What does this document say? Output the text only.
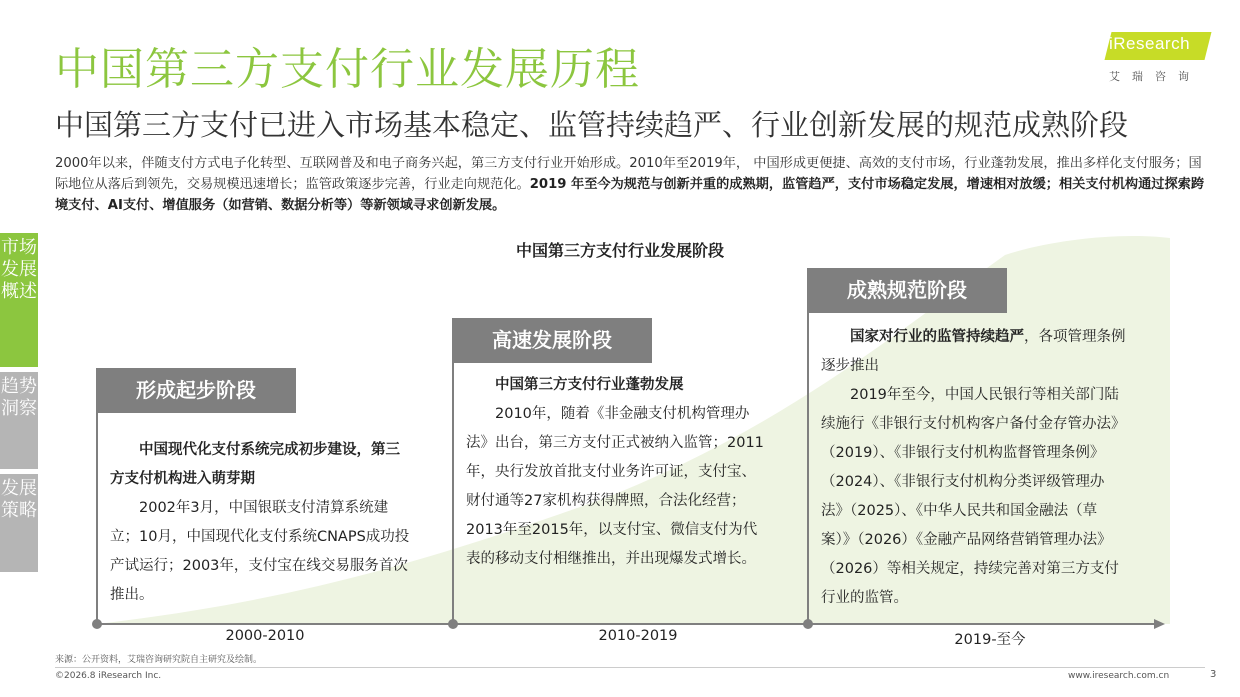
中国第三方支付行业发展历程
中国第三方支付已进入市场基本稳定、监管持续趋严、行业创新发展的规范成熟阶段
2000年以来，伴随支付方式电子化转型、互联网普及和电子商务兴起，第三方支付行业开始形成。2010年至2019年， 中国形成更便捷、高效的支付市场，行业蓬勃发展，推出多样化支付服务；国际地位从落后到领先，交易规模迅速增长；监管政策逐步完善，行业走向规范化。2019 年至今为规范与创新并重的成熟期，监管趋严，支付市场稳定发展，增速相对放缓；相关支付机构通过探索跨境支付、AI支付、增值服务（如营销、数据分析等）等新领域寻求创新发展。
iResearch
艾瑞咨询
市场发展概述
趋势洞察
发展策略
中国第三方支付行业发展阶段
形成起步阶段

中国现代化支付系统完成初步建设，第三方支付机构进入萌芽期

2002年3月，中国银联支付清算系统建立；10月，中国现代化支付系统CNAPS成功投产试运行；2003年，支付宝在线交易服务首次推出。

高速发展阶段

中国第三方支付行业蓬勃发展

2010年，随着《非金融支付机构管理办法》出台，第三方支付正式被纳入监管；2011年，央行发放首批支付业务许可证，支付宝、财付通等27家机构获得牌照，合法化经营；2013年至2015年，以支付宝、微信支付为代表的移动支付相继推出，并出现爆发式增长。

成熟规范阶段

国家对行业的监管持续趋严，各项管理条例逐步推出

2019年至今，中国人民银行等相关部门陆续施行《非银行支付机构客户备付金存管办法》（2019）、《非银行支付机构监督管理条例》（2024）、《非银行支付机构分类评级管理办法》（2025）、《中华人民共和国金融法（草案）》（2026）《金融产品网络营销管理办法》（2026）等相关规定，持续完善对第三方支付行业的监管。

2000-2010	2010-2019	2019-至今
来源：公开资料，艾瑞咨询研究院自主研究及绘制。
©2026.8 iResearch Inc.	www.iresearch.com.cn	3
